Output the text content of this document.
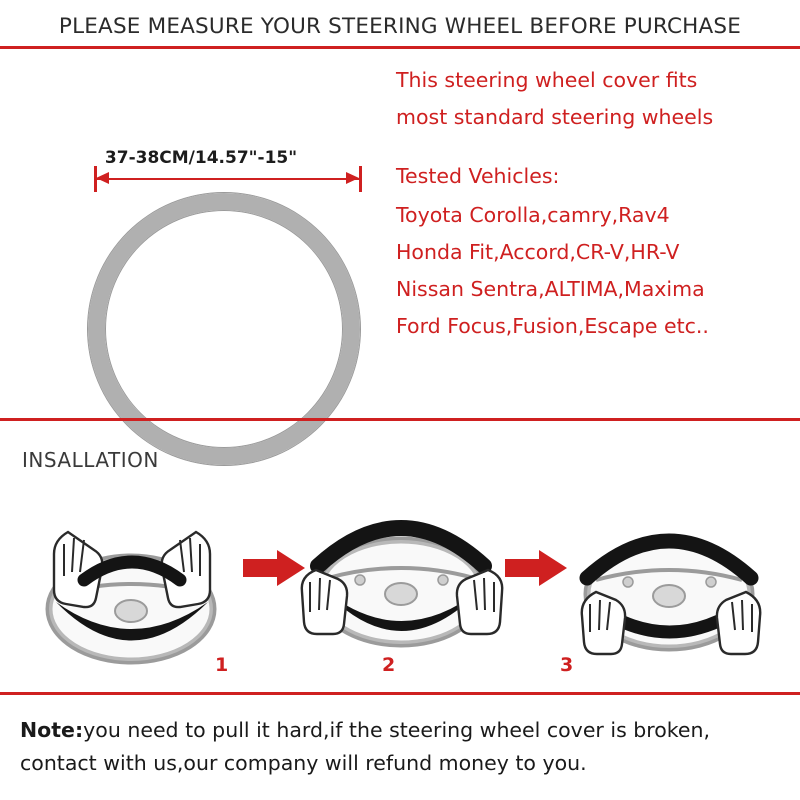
PLEASE MEASURE YOUR STEERING WHEEL BEFORE PURCHASE
37-38CM/14.57"-15"
This steering wheel cover fits
most standard steering wheels
Tested Vehicles:
Toyota Corolla,camry,Rav4
Honda Fit,Accord,CR-V,HR-V
Nissan Sentra,ALTIMA,Maxima
Ford Focus,Fusion,Escape etc..
INSALLATION
1	2	3
Note:you need to pull it hard,if the steering wheel cover is broken,
contact with us,our company will refund money to you.
